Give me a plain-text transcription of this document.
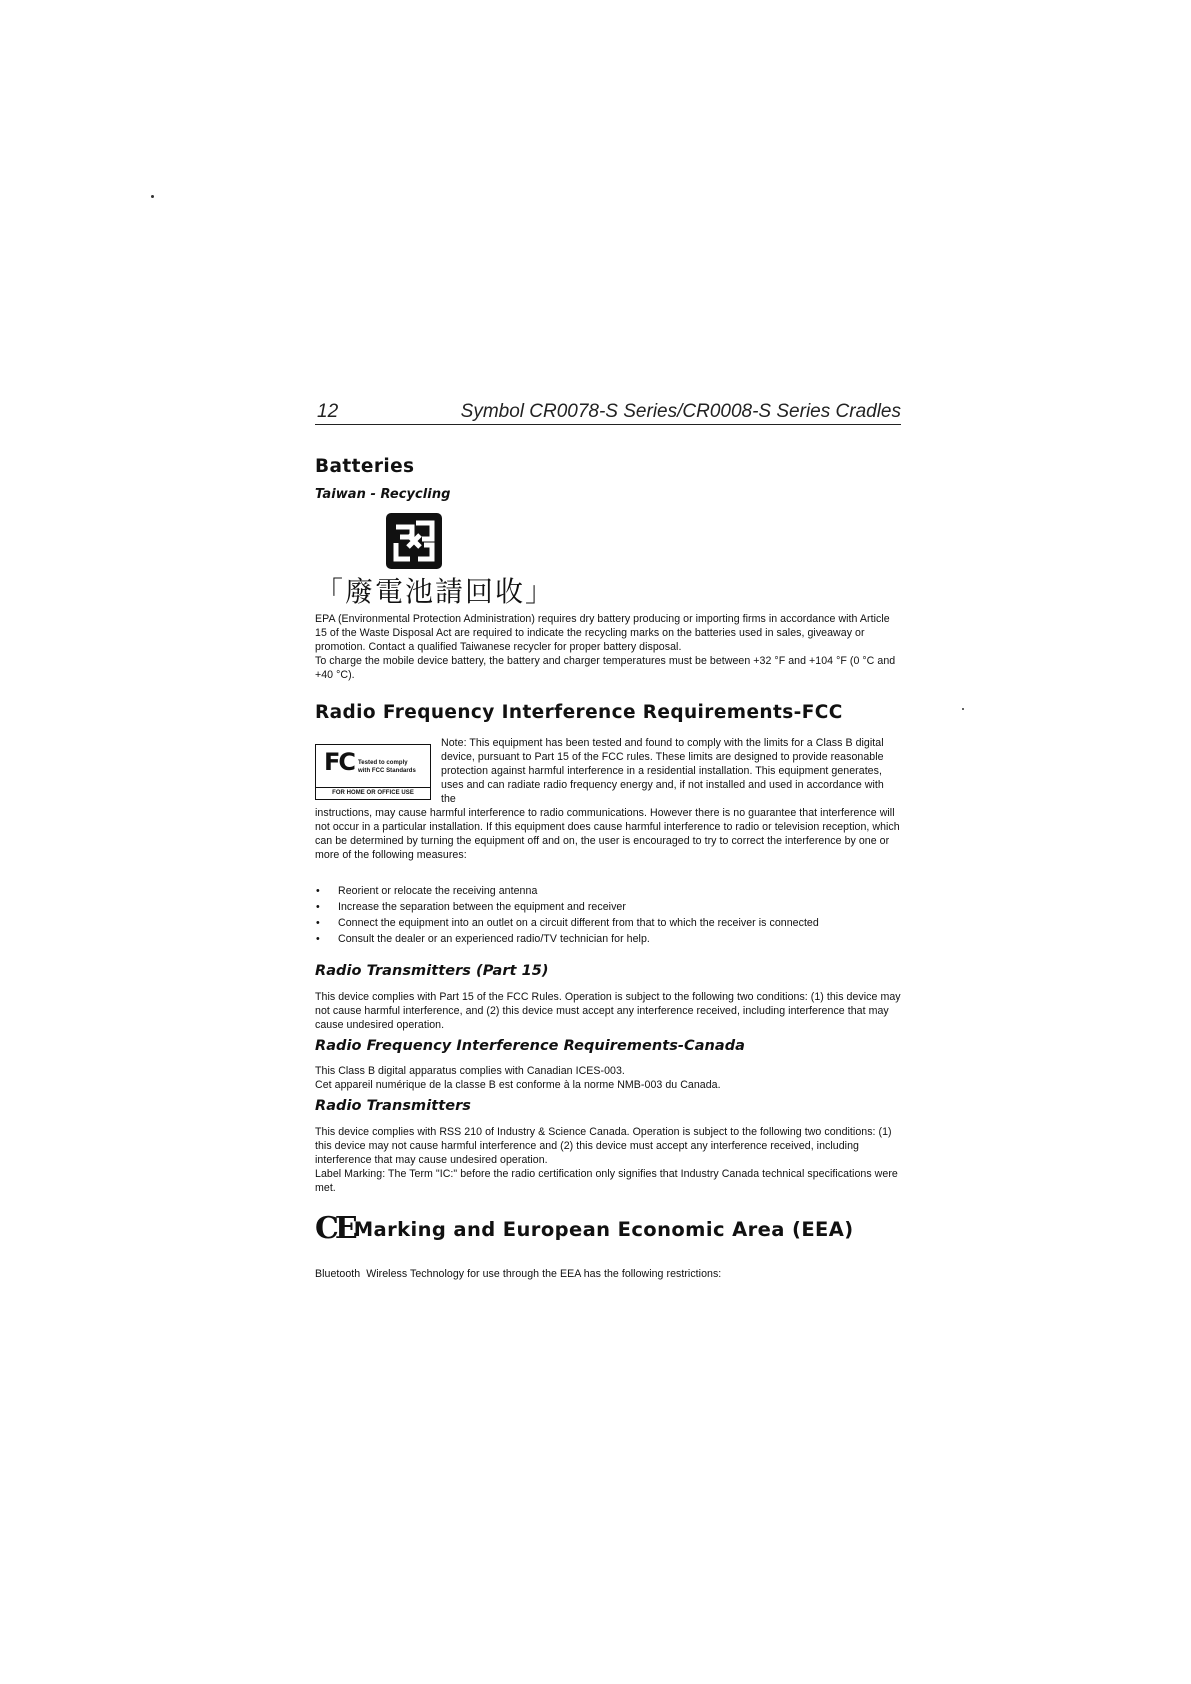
12	Symbol CR0078-S Series/CR0008-S Series Cradles
Batteries
Taiwan - Recycling
「廢電池請回收」

EPA (Environmental Protection Administration) requires dry battery producing or importing firms in accordance with Article 15 of the Waste Disposal Act are required to indicate the recycling marks on the batteries used in sales, giveaway or promotion. Contact a qualified Taiwanese recycler for proper battery disposal.

To charge the mobile device battery, the battery and charger temperatures must be between +32 °F and +104 °F (0 °C and +40 °C).

Radio Frequency Interference Requirements-FCC
FC Tested to comply
with FCC Standards
FOR HOME OR OFFICE USE

Note: This equipment has been tested and found to comply with the limits for a Class B digital device, pursuant to Part 15 of the FCC rules. These limits are designed to provide reasonable protection against harmful interference in a residential installation. This equipment generates, uses and can radiate radio frequency energy and, if not installed and used in accordance with the

instructions, may cause harmful interference to radio communications. However there is no guarantee that interference will not occur in a particular installation. If this equipment does cause harmful interference to radio or television reception, which can be determined by turning the equipment off and on, the user is encouraged to try to correct the interference by one or more of the following measures:

• Reorient or relocate the receiving antenna
• Increase the separation between the equipment and receiver
• Connect the equipment into an outlet on a circuit different from that to which the receiver is connected
• Consult the dealer or an experienced radio/TV technician for help.
Radio Transmitters (Part 15)

This device complies with Part 15 of the FCC Rules. Operation is subject to the following two conditions: (1) this device may not cause harmful interference, and (2) this device must accept any interference received, including interference that may cause undesired operation.

Radio Frequency Interference Requirements-Canada

This Class B digital apparatus complies with Canadian ICES-003.

Cet appareil numérique de la classe B est conforme à la norme NMB-003 du Canada.

Radio Transmitters

This device complies with RSS 210 of Industry & Science Canada. Operation is subject to the following two conditions: (1) this device may not cause harmful interference and (2) this device must accept any interference received, including interference that may cause undesired operation.

Label Marking: The Term "IC:" before the radio certification only signifies that Industry Canada technical specifications were met.

CEMarking and European Economic Area (EEA)

Bluetooth  Wireless Technology for use through the EEA has the following restrictions:
